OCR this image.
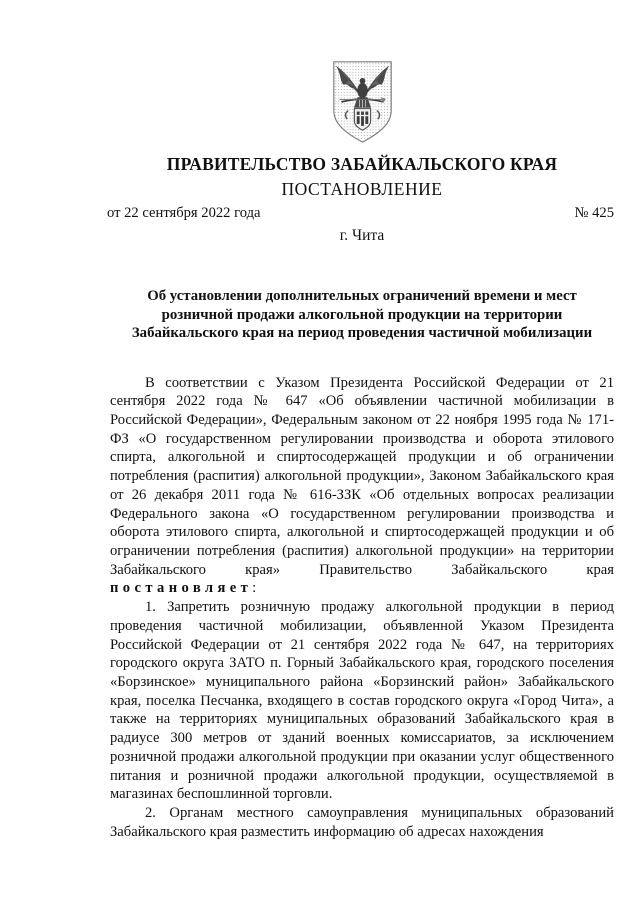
ПРАВИТЕЛЬСТВО ЗАБАЙКАЛЬСКОГО КРАЯ
ПОСТАНОВЛЕНИЕ
от 22 сентября 2022 года	№ 425
г. Чита
Об установлении дополнительных ограничений времени и мест
розничной продажи алкогольной продукции на территории
Забайкальского края на период проведения частичной мобилизации

В соответствии с Указом Президента Российской Федерации от 21 сентября 2022 года № 647 «Об объявлении частичной мобилизации в Российской Федерации», Федеральным законом от 22 ноября 1995 года № 171-ФЗ «О государственном регулировании производства и оборота этилового спирта, алкогольной и спиртосодержащей продукции и об ограничении потребления (распития) алкогольной продукции», Законом Забайкальского края от 26 декабря 2011 года № 616-ЗЗК «Об отдельных вопросах реализации Федерального закона «О государственном регулировании производства и оборота этилового спирта, алкогольной и спиртосодержащей продукции и об ограничении потребления (распития) алкогольной продукции» на территории Забайкальского края» Правительство Забайкальского края постановляет:

1. Запретить розничную продажу алкогольной продукции в период проведения частичной мобилизации, объявленной Указом Президента Российской Федерации от 21 сентября 2022 года № 647, на территориях городского округа ЗАТО п. Горный Забайкальского края, городского поселения «Борзинское» муниципального района «Борзинский район» Забайкальского края, поселка Песчанка, входящего в состав городского округа «Город Чита», а также на территориях муниципальных образований Забайкальского края в радиусе 300 метров от зданий военных комиссариатов, за исключением розничной продажи алкогольной продукции при оказании услуг общественного питания и розничной продажи алкогольной продукции, осуществляемой в магазинах беспошлинной торговли.

2. Органам местного самоуправления муниципальных образований Забайкальского края разместить информацию об адресах нахождения
